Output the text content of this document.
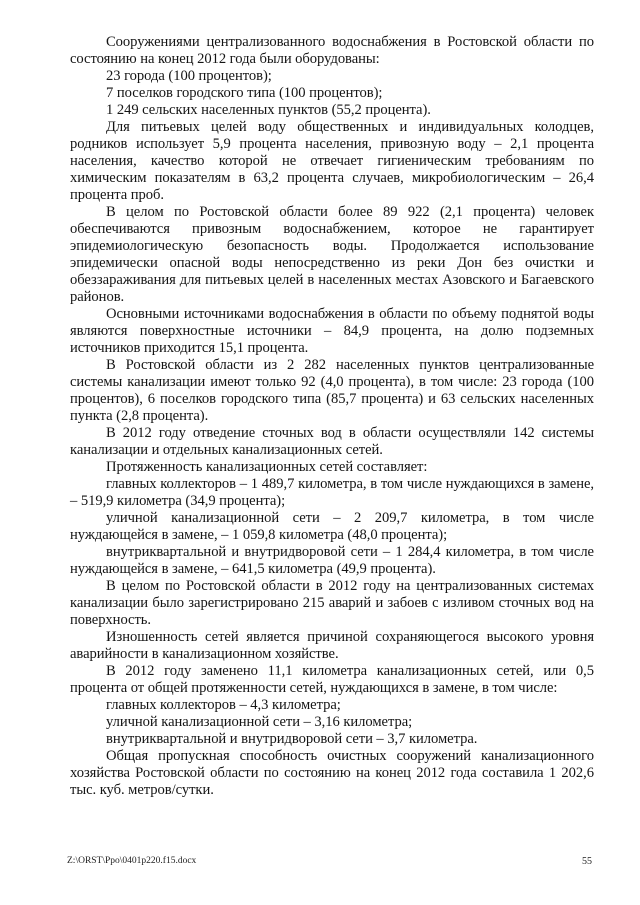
Сооружениями централизованного водоснабжения в Ростовской области по состоянию на конец 2012 года были оборудованы:

23 города (100 процентов);

7 поселков городского типа (100 процентов);

1 249 сельских населенных пунктов (55,2 процента).

Для питьевых целей воду общественных и индивидуальных колодцев, родников использует 5,9 процента населения, привозную воду – 2,1 процента населения, качество которой не отвечает гигиеническим требованиям по химическим показателям в 63,2 процента случаев, микробиологическим – 26,4 процента проб.

В целом по Ростовской области более 89 922 (2,1 процента) человек обеспечиваются привозным водоснабжением, которое не гарантирует эпидемиологическую безопасность воды. Продолжается использование эпидемически опасной воды непосредственно из реки Дон без очистки и обеззараживания для питьевых целей в населенных местах Азовского и Багаевского районов.

Основными источниками водоснабжения в области по объему поднятой воды являются поверхностные источники – 84,9 процента, на долю подземных источников приходится 15,1 процента.

В Ростовской области из 2 282 населенных пунктов централизованные системы канализации имеют только 92 (4,0 процента), в том числе: 23 города (100 процентов), 6 поселков городского типа (85,7 процента) и 63 сельских населенных пункта (2,8 процента).

В 2012 году отведение сточных вод в области осуществляли 142 системы канализации и отдельных канализационных сетей.

Протяженность канализационных сетей составляет:

главных коллекторов – 1 489,7 километра, в том числе нуждающихся в замене, – 519,9 километра (34,9 процента);

уличной канализационной сети – 2 209,7 километра, в том числе нуждающейся в замене, – 1 059,8 километра (48,0 процента);

внутриквартальной и внутридворовой сети – 1 284,4 километра, в том числе нуждающейся в замене, – 641,5 километра (49,9 процента).

В целом по Ростовской области в 2012 году на централизованных системах канализации было зарегистрировано 215 аварий и забоев с изливом сточных вод на поверхность.

Изношенность сетей является причиной сохраняющегося высокого уровня аварийности в канализационном хозяйстве.

В 2012 году заменено 11,1 километра канализационных сетей, или 0,5 процента от общей протяженности сетей, нуждающихся в замене, в том числе:

главных коллекторов – 4,3 километра;

уличной канализационной сети – 3,16 километра;

внутриквартальной и внутридворовой сети – 3,7 километра.

Общая пропускная способность очистных сооружений канализационного хозяйства Ростовской области по состоянию на конец 2012 года составила 1 202,6 тыс. куб. метров/сутки.

Z:\ORST\Ppo\0401p220.f15.docx	55
